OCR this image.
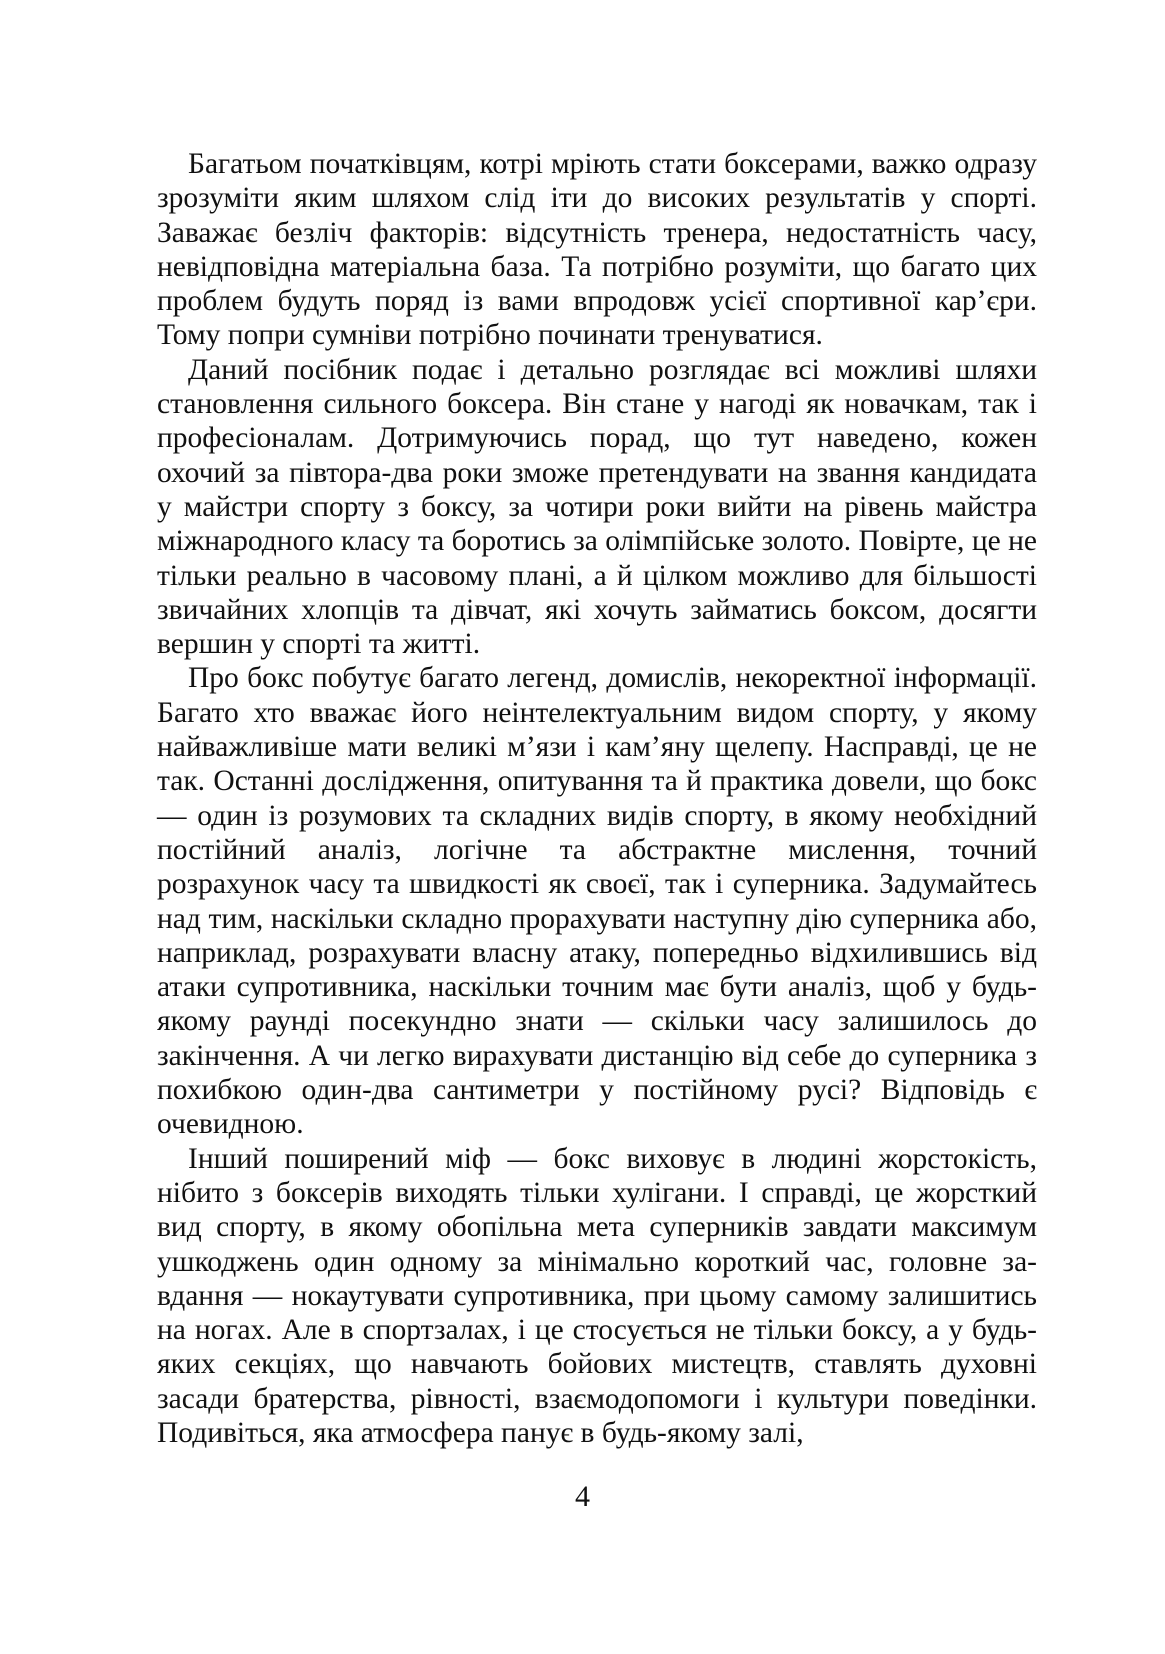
Багатьом початківцям, котрі мріють стати боксерами, важко одразу зрозуміти яким шляхом слід іти до високих результатів у спорті. Заважає безліч факторів: відсутність тренера, недостатність часу, невідповідна матеріальна база. Та потрібно розуміти, що багато цих проблем будуть поряд із вами впродовж усієї спортивної кар’єри. Тому попри сумніви потрібно починати тренуватися.

Даний посібник подає і детально розглядає всі можливі шляхи становлення сильного боксера. Він стане у нагоді як новачкам, так і професіоналам. Дотримуючись порад, що тут наведено, кожен охочий за півтора-два роки зможе претендувати на звання кандидата у майстри спорту з боксу, за чотири роки вийти на рівень майстра міжнародного класу та боротись за олімпійське золото. Повірте, це не тільки реально в часовому плані, а й цілком можливо для більшості звичайних хлопців та дівчат, які хочуть займатись боксом, досягти вершин у спорті та житті.

Про бокс побутує багато легенд, домислів, некоректної інформації. Багато хто вважає його неінтелектуальним видом спорту, у якому найважливіше мати великі м’язи і кам’яну щелепу. Насправді, це не так. Останні дослідження, опитування та й практика довели, що бокс — один із розумових та складних видів спорту, в якому необхідний постійний аналіз, логічне та абстрактне мислення, точний розрахунок часу та швидкості як своєї, так і суперника. Задумайтесь над тим, наскільки складно прорахувати наступну дію суперника або, наприклад, розрахувати власну атаку, попередньо відхилившись від атаки супротивника, наскільки точним має бути аналіз, щоб у будь-якому раунді посекундно знати — скільки часу залишилось до закінчення. А чи легко вирахувати дистанцію від себе до суперника з похибкою один-два сантиметри у постійному русі? Відповідь є очевидною.

Інший поширений міф — бокс виховує в людині жорстокість, нібито з боксерів виходять тільки хулігани. І справді, це жорсткий вид спорту, в якому обопільна мета суперників завдати максимум ушкоджень один одному за мінімально короткий час, головне завдання — нокаутувати супротивника, при цьому самому залишитись на ногах. Але в спортзалах, і це стосується не тільки боксу, а у будь-яких секціях, що навчають бойових мистецтв, ставлять духовні засади братерства, рівності, взаємодопомоги і культури поведінки. Подивіться, яка атмосфера панує в будь-якому залі,

4
